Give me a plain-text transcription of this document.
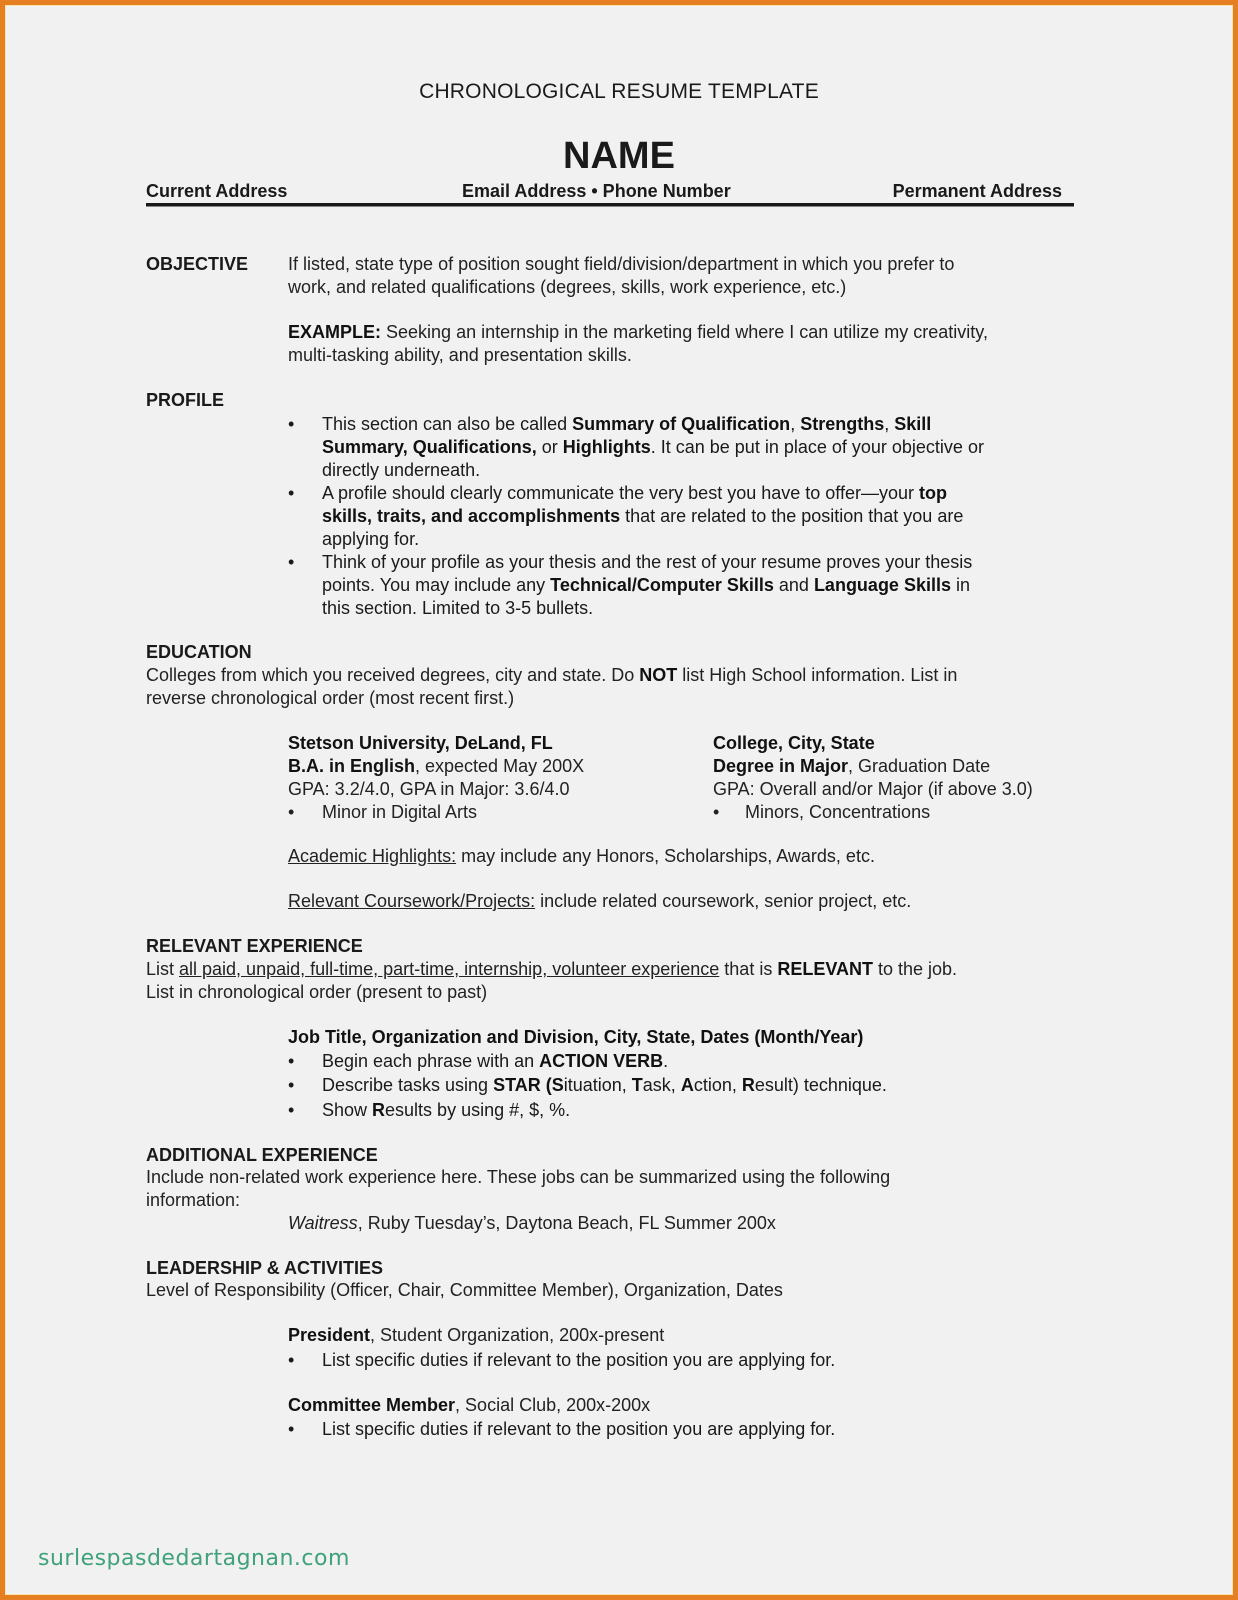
CHRONOLOGICAL RESUME TEMPLATE
NAME
Current Address	Email Address • Phone Number	Permanent Address
OBJECTIVE If listed, state type of position sought field/division/department in which you prefer to

work, and related qualifications (degrees, skills, work experience, etc.)

EXAMPLE: Seeking an internship in the marketing field where I can utilize my creativity,

multi-tasking ability, and presentation skills.

PROFILE
• This section can also be called Summary of Qualification, Strengths, Skill

Summary, Qualifications, or Highlights. It can be put in place of your objective or

directly underneath.

• A profile should clearly communicate the very best you have to offer—your top

skills, traits, and accomplishments that are related to the position that you are

applying for.

• Think of your profile as your thesis and the rest of your resume proves your thesis

points. You may include any Technical/Computer Skills and Language Skills in

this section. Limited to 3-5 bullets.

EDUCATION

Colleges from which you received degrees, city and state. Do NOT list High School information. List in

reverse chronological order (most recent first.)

Stetson University, DeLand, FL

B.A. in English, expected May 200X

GPA: 3.2/4.0, GPA in Major: 3.6/4.0

• Minor in Digital Arts

College, City, State

Degree in Major, Graduation Date

GPA: Overall and/or Major (if above 3.0)

• Minors, Concentrations

Academic Highlights: may include any Honors, Scholarships, Awards, etc.
Relevant Coursework/Projects: include related coursework, senior project, etc.
RELEVANT EXPERIENCE

List all paid, unpaid, full-time, part-time, internship, volunteer experience that is RELEVANT to the job.

List in chronological order (present to past)

Job Title, Organization and Division, City, State, Dates (Month/Year)
• Begin each phrase with an ACTION VERB.

• Describe tasks using STAR (Situation, Task, Action, Result) technique.

• Show Results by using #, $, %.

ADDITIONAL EXPERIENCE

Include non-related work experience here. These jobs can be summarized using the following

information:

Waitress, Ruby Tuesday’s, Daytona Beach, FL Summer 200x
LEADERSHIP & ACTIVITIES
Level of Responsibility (Officer, Chair, Committee Member), Organization, Dates
President, Student Organization, 200x-present
• List specific duties if relevant to the position you are applying for.

Committee Member, Social Club, 200x-200x
• List specific duties if relevant to the position you are applying for.

surlespasdedartagnan.com
